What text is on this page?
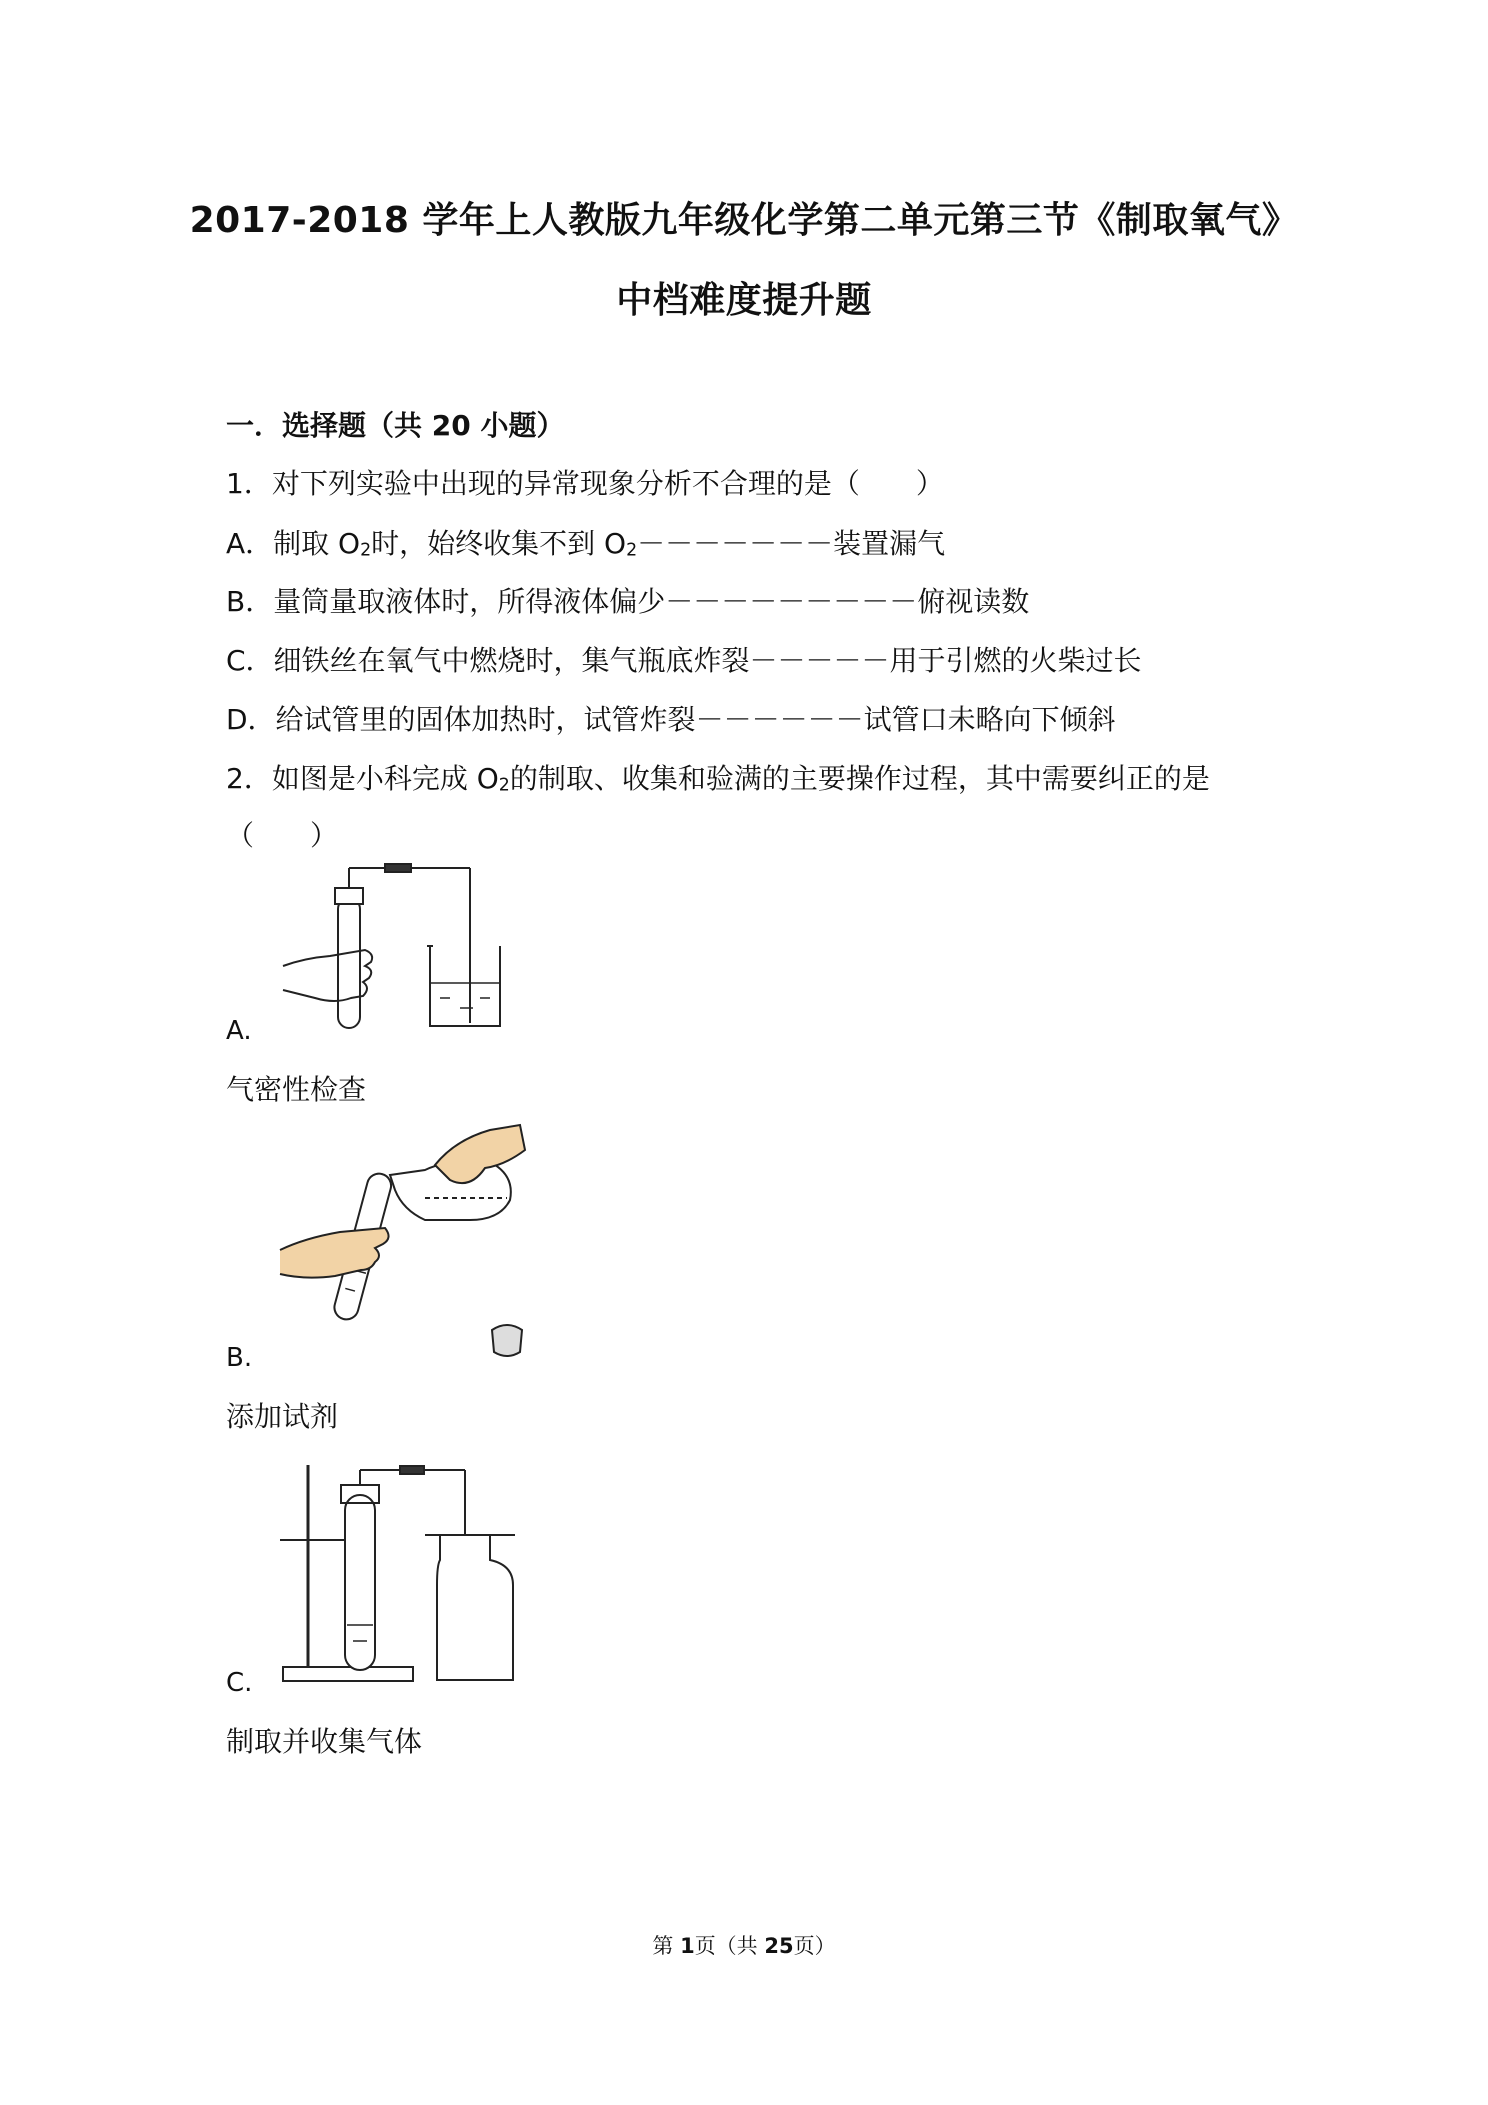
2017-2018 学年上人教版九年级化学第二单元第三节《制取氧气》
中档难度提升题
一．选择题（共 20 小题）
1．对下列实验中出现的异常现象分析不合理的是（　　）
A．制取 $O_2$时，始终收集不到 $O_2-------$装置漏气
B．量筒量取液体时，所得液体偏少－－－－－－－－－俯视读数
C．细铁丝在氧气中燃烧时，集气瓶底炸裂－－－－－用于引燃的火柴过长
D．给试管里的固体加热时，试管炸裂－－－－－－试管口未略向下倾斜
2．如图是小科完成 $O_2$的制取、收集和验满的主要操作过程，其中需要纠正的是
（　　）
A.
气密性检查
B.
添加试剂
C.
制取并收集气体
第 1页（共 25页）
